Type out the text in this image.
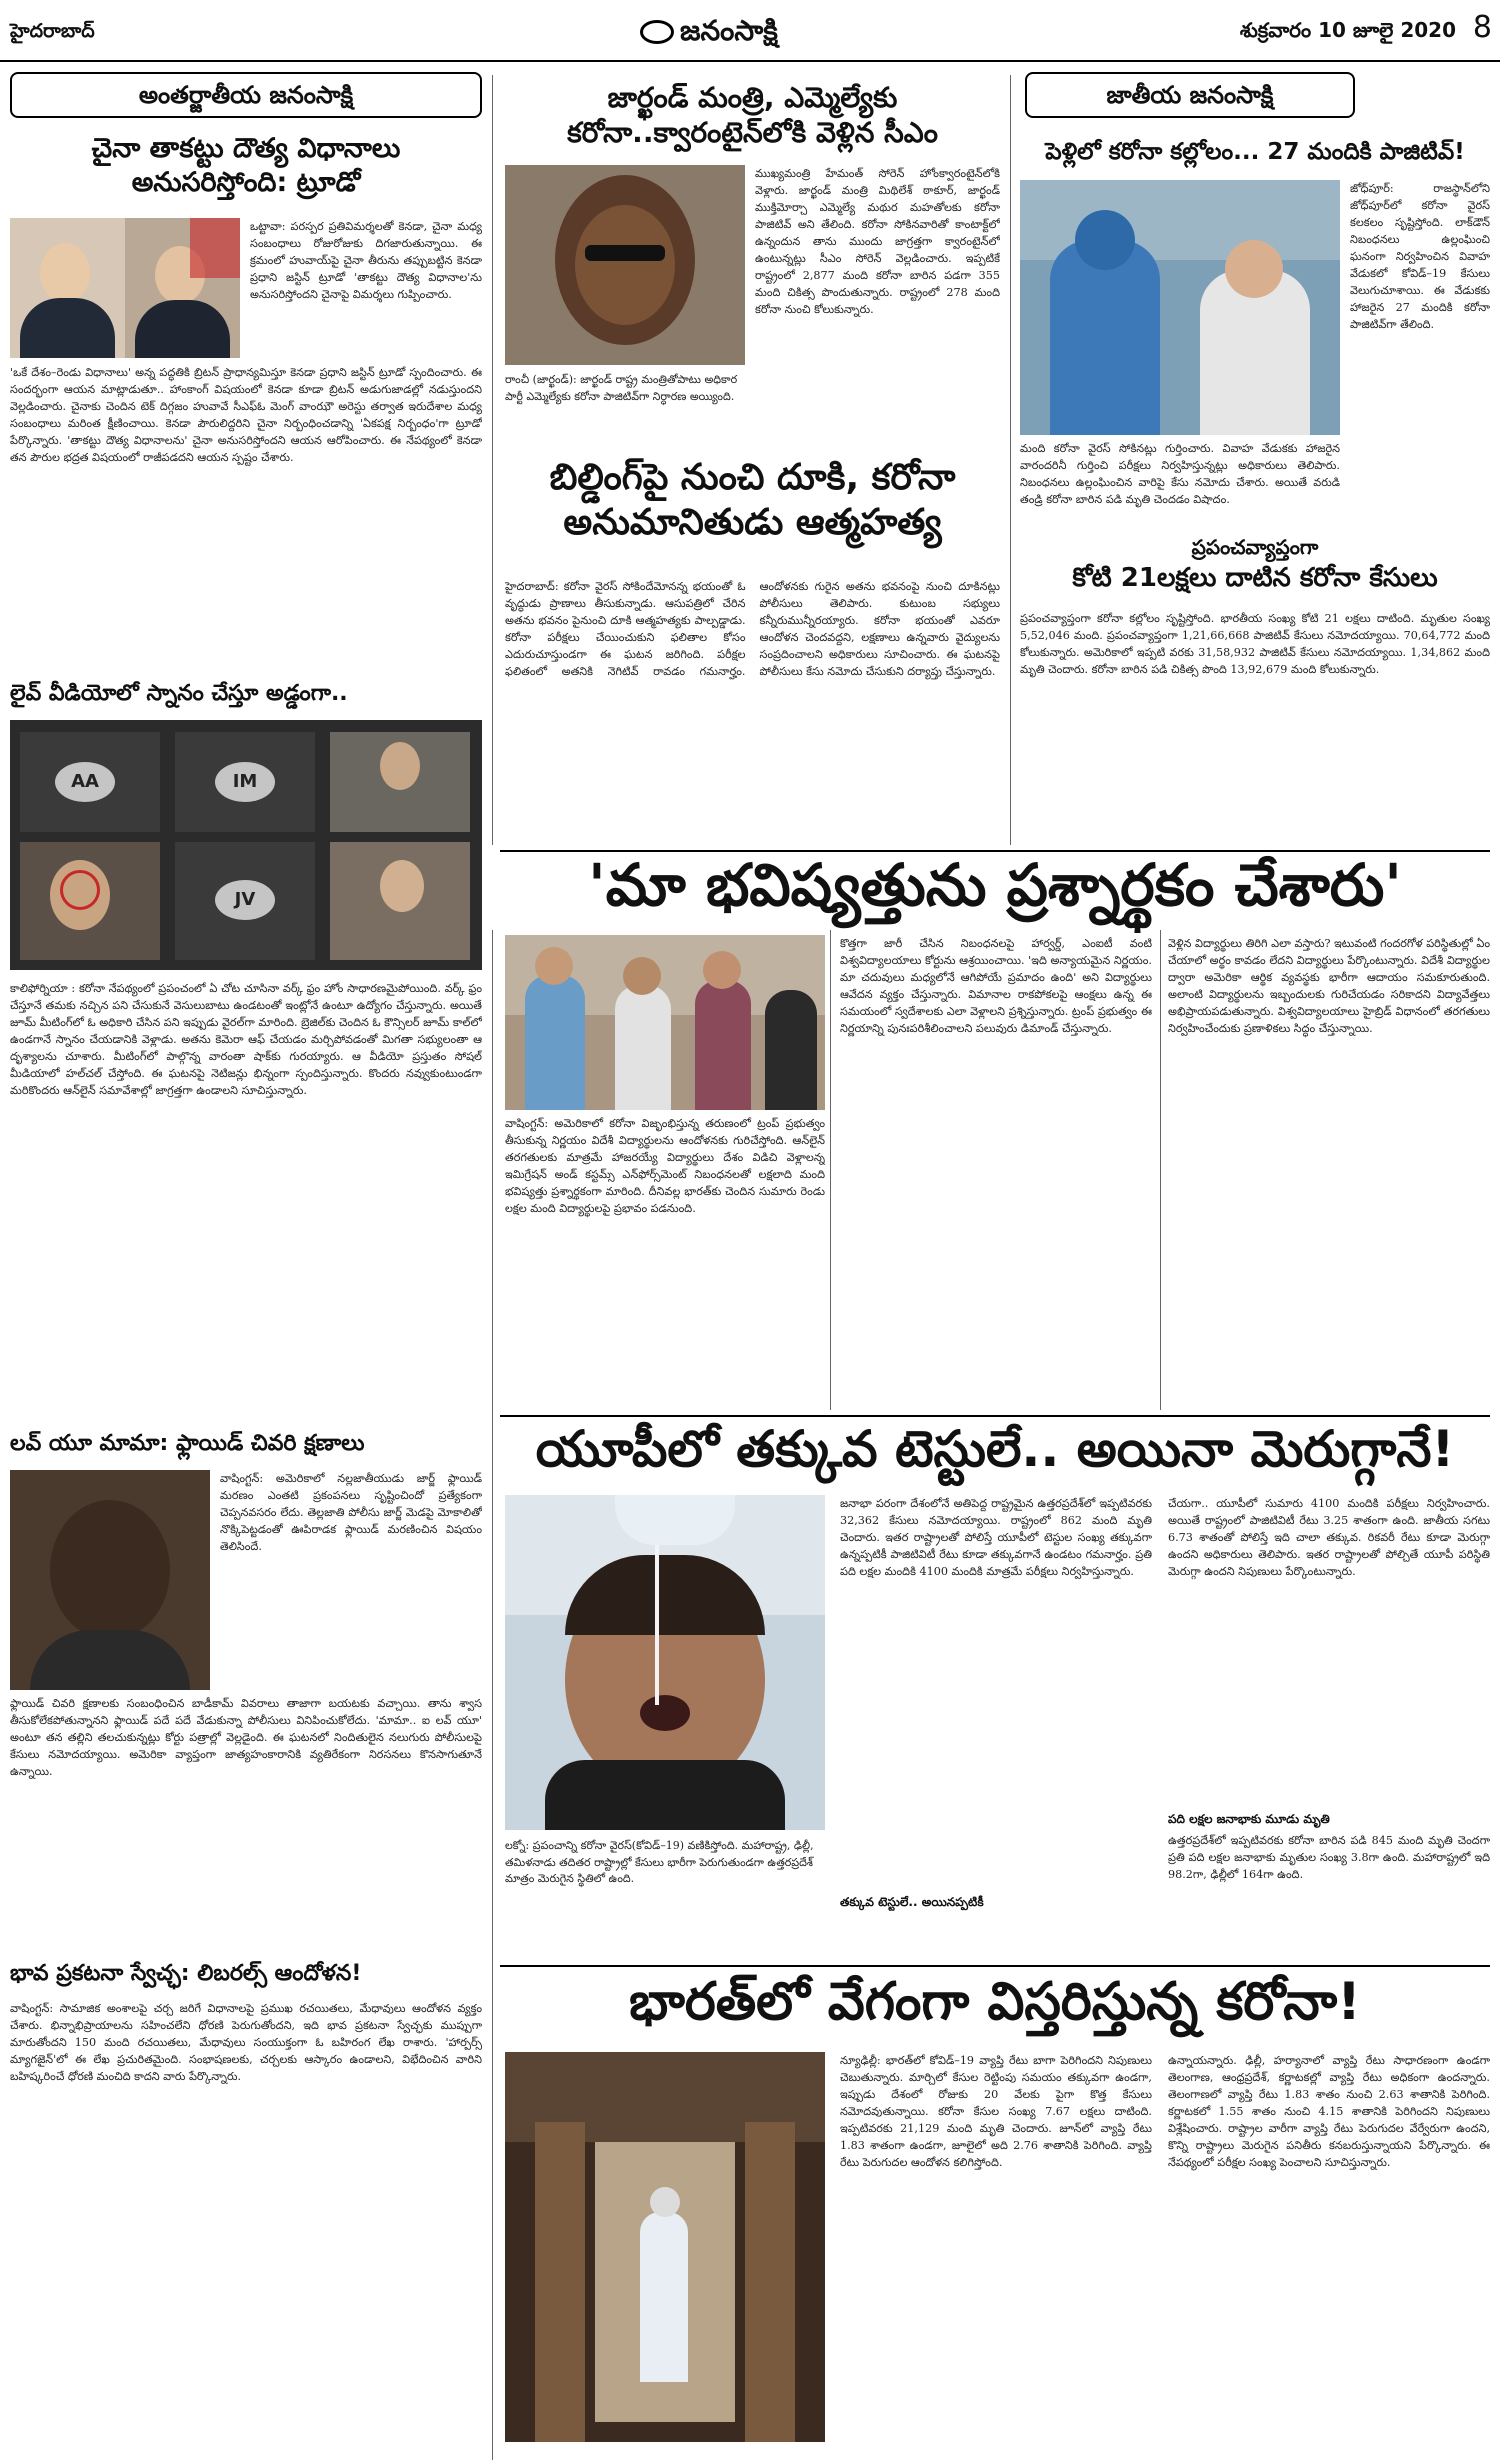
హైదరాబాద్	జనంసాక్షి	శుక్రవారం 10 జూలై 2020 8
అంతర్జాతీయ జనంసాక్షి
చైనా తాకట్టు దౌత్య విధానాలు అనుసరిస్తోంది: ట్రూడో
ఒట్టావా: పరస్పర ప్రతివిమర్శలతో కెనడా, చైనా మధ్య సంబంధాలు రోజురోజుకు దిగజారుతున్నాయి. ఈ క్రమంలో హువాయ్‌పై చైనా తీరును తప్పుబట్టిన కెనడా ప్రధాని జస్టిన్ ట్రూడో 'తాకట్టు దౌత్య విధానాల'ను అనుసరిస్తోందని చైనాపై విమర్శలు గుప్పించారు.
'ఒకే దేశం–రెండు విధానాలు' అన్న పద్ధతికి బ్రిటన్ ప్రాధాన్యమిస్తూ కెనడా ప్రధాని జస్టిన్ ట్రూడో స్పందించారు. ఈ సందర్భంగా ఆయన మాట్లాడుతూ.. హాంకాంగ్ విషయంలో కెనడా కూడా బ్రిటన్ అడుగుజాడల్లో నడుస్తుందని వెల్లడించారు. చైనాకు చెందిన టెక్ దిగ్గజం హువావే సీఎఫ్ఓ మెంగ్ వాంఝౌ అరెస్టు తర్వాత ఇరుదేశాల మధ్య సంబంధాలు మరింత క్షీణించాయి. కెనడా పౌరులిద్దరిని చైనా నిర్బంధించడాన్ని 'ఏకపక్ష నిర్బంధం'గా ట్రూడో పేర్కొన్నారు. 'తాకట్టు దౌత్య విధానాలను' చైనా అనుసరిస్తోందని ఆయన ఆరోపించారు. ఈ నేపథ్యంలో కెనడా తన పౌరుల భద్రత విషయంలో రాజీపడదని ఆయన స్పష్టం చేశారు.
లైవ్ వీడియోలో స్నానం చేస్తూ అడ్డంగా..
AA	IM
JV
కాలిఫోర్నియా : కరోనా నేపథ్యంలో ప్రపంచంలో ఏ చోట చూసినా వర్క్ ఫ్రం హోం సాధారణమైపోయింది. వర్క్ ఫ్రం చేస్తూనే తమకు నచ్చిన పని చేసుకునే వెసులుబాటు ఉండటంతో ఇంట్లోనే ఉంటూ ఉద్యోగం చేస్తున్నారు. అయితే జూమ్ మీటింగ్‌లో ఓ అధికారి చేసిన పని ఇప్పుడు వైరల్‌గా మారింది. బ్రెజిల్‌కు చెందిన ఓ కౌన్సిలర్ జూమ్ కాల్‌లో ఉండగానే స్నానం చేయడానికి వెళ్లాడు. అతను కెమెరా ఆఫ్ చేయడం మర్చిపోవడంతో మిగతా సభ్యులంతా ఆ దృశ్యాలను చూశారు. మీటింగ్‌లో పాల్గొన్న వారంతా షాక్‌కు గురయ్యారు. ఆ వీడియో ప్రస్తుతం సోషల్ మీడియాలో హల్‌చల్ చేస్తోంది. ఈ ఘటనపై నెటిజన్లు భిన్నంగా స్పందిస్తున్నారు. కొందరు నవ్వుకుంటుండగా మరికొందరు ఆన్‌లైన్ సమావేశాల్లో జాగ్రత్తగా ఉండాలని సూచిస్తున్నారు.
లవ్ యూ మామా: ఫ్లాయిడ్ చివరి క్షణాలు
వాషింగ్టన్: అమెరికాలో నల్లజాతీయుడు జార్జ్ ఫ్లాయిడ్ మరణం ఎంతటి ప్రకంపనలు సృష్టించిందో ప్రత్యేకంగా చెప్పనవసరం లేదు. తెల్లజాతి పోలీసు జార్జ్ మెడపై మోకాలితో నొక్కిపెట్టడంతో ఊపిరాడక ఫ్లాయిడ్ మరణించిన విషయం తెలిసిందే.
ఫ్లాయిడ్ చివరి క్షణాలకు సంబంధించిన బాడీకామ్ వివరాలు తాజాగా బయటకు వచ్చాయి. తాను శ్వాస తీసుకోలేకపోతున్నానని ఫ్లాయిడ్ పదే పదే వేడుకున్నా పోలీసులు వినిపించుకోలేదు. 'మామా.. ఐ లవ్ యూ' అంటూ తన తల్లిని తలచుకున్నట్లు కోర్టు పత్రాల్లో వెల్లడైంది. ఈ ఘటనలో నిందితులైన నలుగురు పోలీసులపై కేసులు నమోదయ్యాయి. అమెరికా వ్యాప్తంగా జాత్యహంకారానికి వ్యతిరేకంగా నిరసనలు కొనసాగుతూనే ఉన్నాయి.
భావ ప్రకటనా స్వేచ్ఛ: లిబరల్స్ ఆందోళన!
వాషింగ్టన్: సామాజిక అంశాలపై చర్చ జరిగే విధానాలపై ప్రముఖ రచయితలు, మేధావులు ఆందోళన వ్యక్తం చేశారు. భిన్నాభిప్రాయాలను సహించలేని ధోరణి పెరుగుతోందని, ఇది భావ ప్రకటనా స్వేచ్ఛకు ముప్పుగా మారుతోందని 150 మంది రచయితలు, మేధావులు సంయుక్తంగా ఓ బహిరంగ లేఖ రాశారు. 'హార్పర్స్ మ్యాగజైన్'లో ఈ లేఖ ప్రచురితమైంది. సంభాషణలకు, చర్చలకు ఆస్కారం ఉండాలని, విభేదించిన వారిని బహిష్కరించే ధోరణి మంచిది కాదని వారు పేర్కొన్నారు.
జార్ఖండ్ మంత్రి, ఎమ్మెల్యేకు కరోనా..క్వారంటైన్‌లోకి వెళ్లిన సీఎం
రాంచీ (జార్ఖండ్): జార్ఖండ్ రాష్ట్ర మంత్రితోపాటు అధికార పార్టీ ఎమ్మెల్యేకు కరోనా పాజిటివ్‌గా నిర్ధారణ అయ్యింది.
ముఖ్యమంత్రి హేమంత్ సోరెన్ హోంక్వారంటైన్‌లోకి వెళ్లారు. జార్ఖండ్ మంత్రి మిథిలేశ్ ఠాకూర్, జార్ఖండ్ ముక్తిమోర్చా ఎమ్మెల్యే మథుర మహతోలకు కరోనా పాజిటివ్ అని తేలింది. కరోనా సోకినవారితో కాంటాక్ట్‌లో ఉన్నందున తాను ముందు జాగ్రత్తగా క్వారంటైన్‌లో ఉంటున్నట్లు సీఎం సోరెన్ వెల్లడించారు. ఇప్పటికే రాష్ట్రంలో 2,877 మంది కరోనా బారిన పడగా 355 మంది చికిత్స పొందుతున్నారు. రాష్ట్రంలో 278 మంది కరోనా నుంచి కోలుకున్నారు.
బిల్డింగ్‌పై నుంచి దూకి, కరోనా అనుమానితుడు ఆత్మహత్య
హైదరాబాద్: కరోనా వైరస్ సోకిందేమోనన్న భయంతో ఓ వృద్ధుడు ప్రాణాలు తీసుకున్నాడు. ఆసుపత్రిలో చేరిన అతను భవనం పైనుంచి దూకి ఆత్మహత్యకు పాల్పడ్డాడు. కరోనా పరీక్షలు చేయించుకుని ఫలితాల కోసం ఎదురుచూస్తుండగా ఈ ఘటన జరిగింది. పరీక్షల ఫలితంలో అతనికి నెగిటివ్ రావడం గమనార్హం. ఆందోళనకు గురైన అతను భవనంపై నుంచి దూకినట్లు పోలీసులు తెలిపారు. కుటుంబ సభ్యులు కన్నీరుమున్నీరయ్యారు. కరోనా భయంతో ఎవరూ ఆందోళన చెందవద్దని, లక్షణాలు ఉన్నవారు వైద్యులను సంప్రదించాలని అధికారులు సూచించారు. ఈ ఘటనపై పోలీసులు కేసు నమోదు చేసుకుని దర్యాప్తు చేస్తున్నారు.
జాతీయ జనంసాక్షి
పెళ్లిలో కరోనా కల్లోలం... 27 మందికి పాజిటివ్!
జోధ్‌పూర్: రాజస్థాన్‌లోని జోధ్‌పూర్‌లో కరోనా వైరస్ కలకలం సృష్టిస్తోంది. లాక్‌డౌన్ నిబంధనలు ఉల్లంఘించి ఘనంగా నిర్వహించిన వివాహ వేడుకలో కోవిడ్–19 కేసులు వెలుగుచూశాయి. ఈ వేడుకకు హాజరైన 27 మందికి కరోనా పాజిటివ్‌గా తేలింది.
మంది కరోనా వైరస్ సోకినట్లు గుర్తించారు. వివాహ వేడుకకు హాజరైన వారందరినీ గుర్తించి పరీక్షలు నిర్వహిస్తున్నట్లు అధికారులు తెలిపారు. నిబంధనలు ఉల్లంఘించిన వారిపై కేసు నమోదు చేశారు. అయితే వరుడి తండ్రి కరోనా బారిన పడి మృతి చెందడం విషాదం.
ప్రపంచవ్యాప్తంగా
కోటి 21లక్షలు దాటిన కరోనా కేసులు
ప్రపంచవ్యాప్తంగా కరోనా కల్లోలం సృష్టిస్తోంది. భారతీయ సంఖ్య కోటి 21 లక్షలు దాటింది. మృతుల సంఖ్య 5,52,046 మంది. ప్రపంచవ్యాప్తంగా 1,21,66,668 పాజిటివ్ కేసులు నమోదయ్యాయి. 70,64,772 మంది కోలుకున్నారు. అమెరికాలో ఇప్పటి వరకు 31,58,932 పాజిటివ్ కేసులు నమోదయ్యాయి. 1,34,862 మంది మృతి చెందారు. కరోనా బారిన పడి చికిత్స పొంది 13,92,679 మంది కోలుకున్నారు.
'మా భవిష్యత్తును ప్రశ్నార్థకం చేశారు'
వాషింగ్టన్: అమెరికాలో కరోనా విజృంభిస్తున్న తరుణంలో ట్రంప్ ప్రభుత్వం తీసుకున్న నిర్ణయం విదేశీ విద్యార్థులను ఆందోళనకు గురిచేస్తోంది. ఆన్‌లైన్ తరగతులకు మాత్రమే హాజరయ్యే విద్యార్థులు దేశం విడిచి వెళ్లాలన్న ఇమిగ్రేషన్ అండ్ కస్టమ్స్ ఎన్‌ఫోర్స్‌మెంట్ నిబంధనలతో లక్షలాది మంది భవిష్యత్తు ప్రశ్నార్థకంగా మారింది. దీనివల్ల భారత్‌కు చెందిన సుమారు రెండు లక్షల మంది విద్యార్థులపై ప్రభావం పడనుంది.
కొత్తగా జారీ చేసిన నిబంధనలపై హార్వర్డ్, ఎంఐటీ వంటి విశ్వవిద్యాలయాలు కోర్టును ఆశ్రయించాయి. 'ఇది అన్యాయమైన నిర్ణయం. మా చదువులు మధ్యలోనే ఆగిపోయే ప్రమాదం ఉంది' అని విద్యార్థులు ఆవేదన వ్యక్తం చేస్తున్నారు. విమానాల రాకపోకలపై ఆంక్షలు ఉన్న ఈ సమయంలో స్వదేశాలకు ఎలా వెళ్లాలని ప్రశ్నిస్తున్నారు. ట్రంప్ ప్రభుత్వం ఈ నిర్ణయాన్ని పునఃపరిశీలించాలని పలువురు డిమాండ్ చేస్తున్నారు.
వెళ్లిన విద్యార్థులు తిరిగి ఎలా వస్తారు? ఇటువంటి గందరగోళ పరిస్థితుల్లో ఏం చేయాలో అర్థం కావడం లేదని విద్యార్థులు పేర్కొంటున్నారు. విదేశీ విద్యార్థుల ద్వారా అమెరికా ఆర్థిక వ్యవస్థకు భారీగా ఆదాయం సమకూరుతుంది. అలాంటి విద్యార్థులను ఇబ్బందులకు గురిచేయడం సరికాదని విద్యావేత్తలు అభిప్రాయపడుతున్నారు. విశ్వవిద్యాలయాలు హైబ్రిడ్ విధానంలో తరగతులు నిర్వహించేందుకు ప్రణాళికలు సిద్ధం చేస్తున్నాయి.
యూపీలో తక్కువ టెస్టులే.. అయినా మెరుగ్గానే!
లక్నో: ప్రపంచాన్ని కరోనా వైరస్(కోవిడ్–19) వణికిస్తోంది. మహారాష్ట్ర, ఢిల్లీ, తమిళనాడు తదితర రాష్ట్రాల్లో కేసులు భారీగా పెరుగుతుండగా ఉత్తరప్రదేశ్ మాత్రం మెరుగైన స్థితిలో ఉంది.
జనాభా పరంగా దేశంలోనే అతిపెద్ద రాష్ట్రమైన ఉత్తరప్రదేశ్‌లో ఇప్పటివరకు 32,362 కేసులు నమోదయ్యాయి. రాష్ట్రంలో 862 మంది మృతి చెందారు. ఇతర రాష్ట్రాలతో పోలిస్తే యూపీలో టెస్టుల సంఖ్య తక్కువగా ఉన్నప్పటికీ పాజిటివిటీ రేటు కూడా తక్కువగానే ఉండటం గమనార్హం. ప్రతి పది లక్షల మందికి 4100 మందికి మాత్రమే పరీక్షలు నిర్వహిస్తున్నారు.
తక్కువ టెస్టులే.. అయినప్పటికీ
చేయగా.. యూపీలో సుమారు 4100 మందికి పరీక్షలు నిర్వహించారు. అయితే రాష్ట్రంలో పాజిటివిటీ రేటు 3.25 శాతంగా ఉంది. జాతీయ సగటు 6.73 శాతంతో పోలిస్తే ఇది చాలా తక్కువ. రికవరీ రేటు కూడా మెరుగ్గా ఉందని అధికారులు తెలిపారు. ఇతర రాష్ట్రాలతో పోల్చితే యూపీ పరిస్థితి మెరుగ్గా ఉందని నిపుణులు పేర్కొంటున్నారు.
పది లక్షల జనాభాకు మూడు మృతి
ఉత్తరప్రదేశ్‌లో ఇప్పటివరకు కరోనా బారిన పడి 845 మంది మృతి చెందగా ప్రతి పది లక్షల జనాభాకు మృతుల సంఖ్య 3.8గా ఉంది. మహారాష్ట్రలో ఇది 98.2గా, ఢిల్లీలో 164గా ఉంది.
భారత్‌లో వేగంగా విస్తరిస్తున్న కరోనా!
న్యూఢిల్లీ: భారత్‌లో కోవిడ్–19 వ్యాప్తి రేటు బాగా పెరిగిందని నిపుణులు చెబుతున్నారు. మార్చిలో కేసుల రెట్టింపు సమయం తక్కువగా ఉండగా, ఇప్పుడు దేశంలో రోజుకు 20 వేలకు పైగా కొత్త కేసులు నమోదవుతున్నాయి. కరోనా కేసుల సంఖ్య 7.67 లక్షలు దాటింది. ఇప్పటివరకు 21,129 మంది మృతి చెందారు. జూన్‌లో వ్యాప్తి రేటు 1.83 శాతంగా ఉండగా, జూలైలో అది 2.76 శాతానికి పెరిగింది. వ్యాప్తి రేటు పెరుగుదల ఆందోళన కలిగిస్తోంది.
ఉన్నాయన్నారు. ఢిల్లీ, హర్యానాలో వ్యాప్తి రేటు సాధారణంగా ఉండగా తెలంగాణ, ఆంధ్రప్రదేశ్, కర్ణాటకల్లో వ్యాప్తి రేటు అధికంగా ఉందన్నారు. తెలంగాణలో వ్యాప్తి రేటు 1.83 శాతం నుంచి 2.63 శాతానికి పెరిగింది. కర్ణాటకలో 1.55 శాతం నుంచి 4.15 శాతానికి పెరిగిందని నిపుణులు విశ్లేషించారు. రాష్ట్రాల వారీగా వ్యాప్తి రేటు పెరుగుదల వేర్వేరుగా ఉందని, కొన్ని రాష్ట్రాలు మెరుగైన పనితీరు కనబరుస్తున్నాయని పేర్కొన్నారు. ఈ నేపథ్యంలో పరీక్షల సంఖ్య పెంచాలని సూచిస్తున్నారు.
